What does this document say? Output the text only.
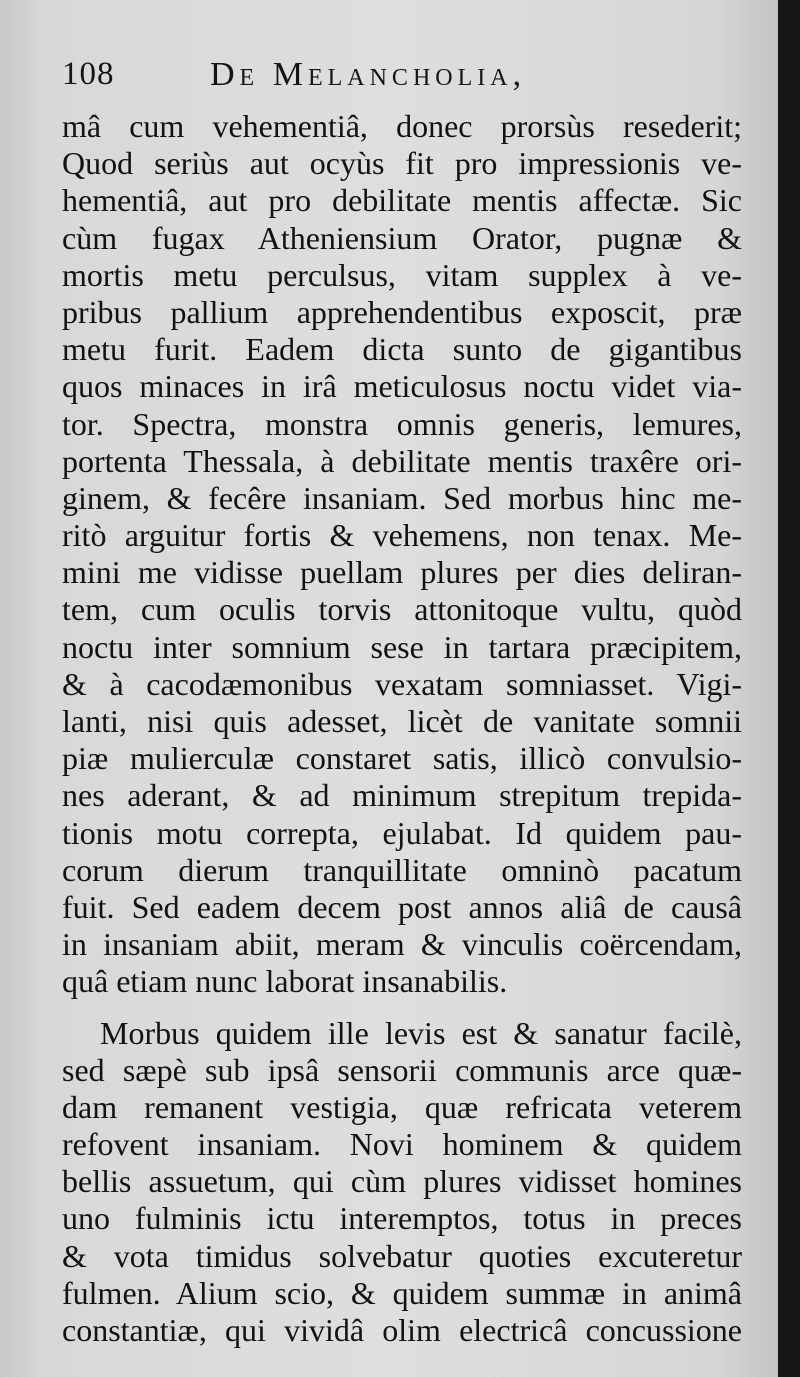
108	De Melancholia,
mâ cum vehementiâ, donec prorsùs resederit;
Quod seriùs aut ocyùs fit pro impressionis ve-
hementiâ, aut pro debilitate mentis affectæ. Sic
cùm fugax Atheniensium Orator, pugnæ &
mortis metu perculsus, vitam supplex à ve-
pribus pallium apprehendentibus exposcit, præ
metu furit. Eadem dicta sunto de gigantibus
quos minaces in irâ meticulosus noctu videt via-
tor. Spectra, monstra omnis generis, lemures,
portenta Thessala, à debilitate mentis traxêre ori-
ginem, & fecêre insaniam. Sed morbus hinc me-
ritò arguitur fortis & vehemens, non tenax. Me-
mini me vidisse puellam plures per dies deliran-
tem, cum oculis torvis attonitoque vultu, quòd
noctu inter somnium sese in tartara præcipitem,
& à cacodæmonibus vexatam somniasset. Vigi-
lanti, nisi quis adesset, licèt de vanitate somnii
piæ mulierculæ constaret satis, illicò convulsio-
nes aderant, & ad minimum strepitum trepida-
tionis motu correpta, ejulabat. Id quidem pau-
corum dierum tranquillitate omninò pacatum
fuit. Sed eadem decem post annos aliâ de causâ
in insaniam abiit, meram & vinculis coërcendam,
quâ etiam nunc laborat insanabilis.
Morbus quidem ille levis est & sanatur facilè,
sed sæpè sub ipsâ sensorii communis arce quæ-
dam remanent vestigia, quæ refricata veterem
refovent insaniam. Novi hominem & quidem
bellis assuetum, qui cùm plures vidisset homines
uno fulminis ictu interemptos, totus in preces
& vota timidus solvebatur quoties excuteretur
fulmen. Alium scio, & quidem summæ in animâ
constantiæ, qui vividâ olim electricâ concussione
